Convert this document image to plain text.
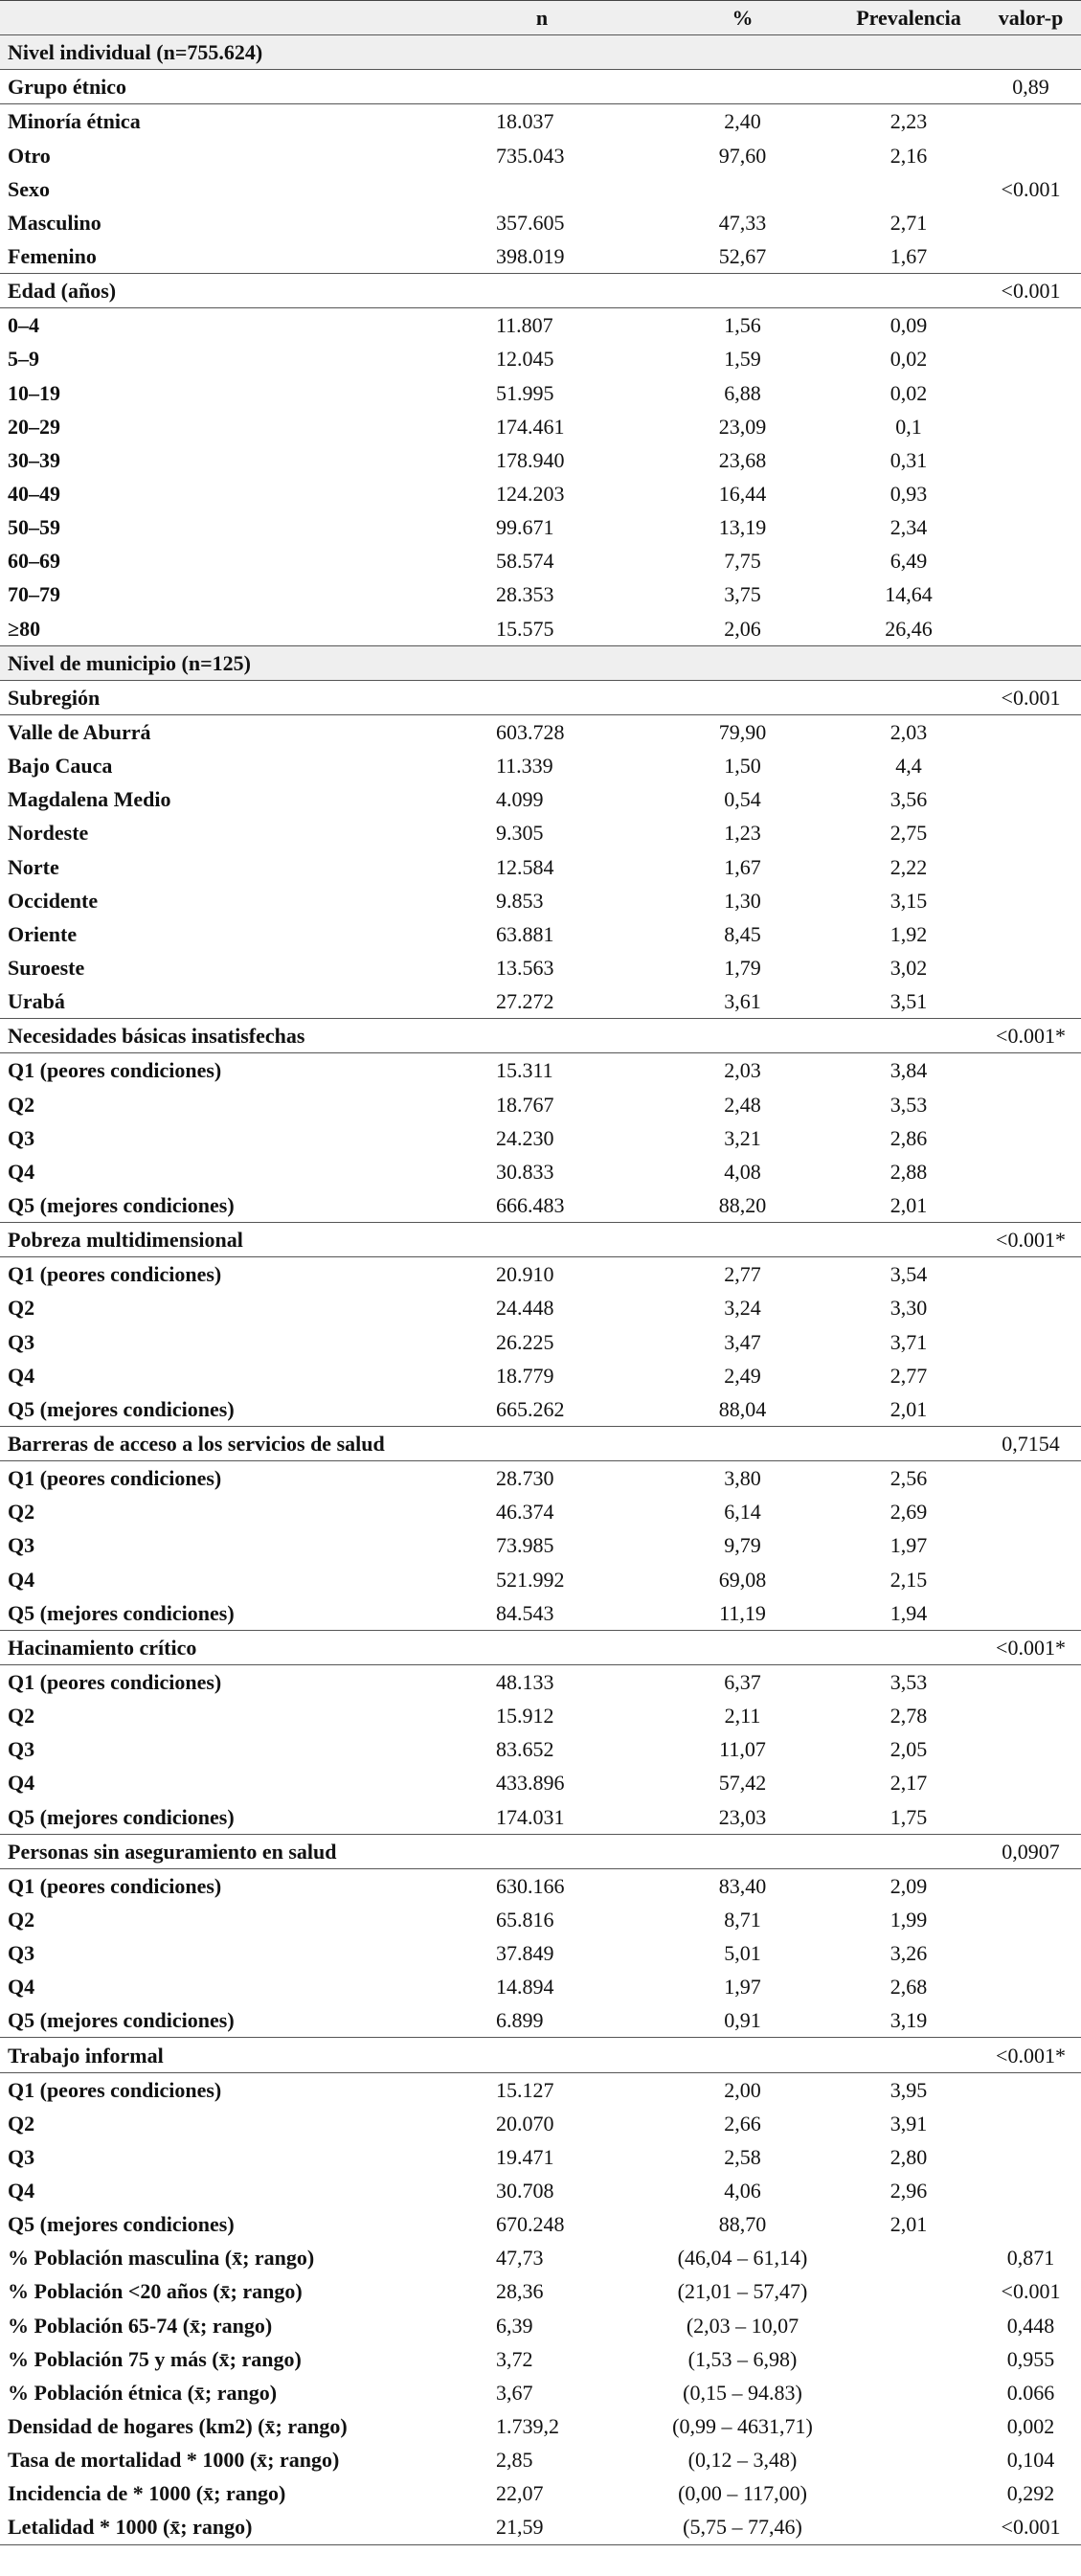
	n	%	Prevalencia	valor-p
Nivel individual (n=755.624)				
Grupo étnico				0,89
Minoría étnica	18.037	2,40	2,23	
Otro	735.043	97,60	2,16	
Sexo				<0.001
Masculino	357.605	47,33	2,71	
Femenino	398.019	52,67	1,67	
Edad (años)				<0.001
0–4	11.807	1,56	0,09	
5–9	12.045	1,59	0,02	
10–19	51.995	6,88	0,02	
20–29	174.461	23,09	0,1	
30–39	178.940	23,68	0,31	
40–49	124.203	16,44	0,93	
50–59	99.671	13,19	2,34	
60–69	58.574	7,75	6,49	
70–79	28.353	3,75	14,64	
≥80	15.575	2,06	26,46	
Nivel de municipio (n=125)				
Subregión				<0.001
Valle de Aburrá	603.728	79,90	2,03	
Bajo Cauca	11.339	1,50	4,4	
Magdalena Medio	4.099	0,54	3,56	
Nordeste	9.305	1,23	2,75	
Norte	12.584	1,67	2,22	
Occidente	9.853	1,30	3,15	
Oriente	63.881	8,45	1,92	
Suroeste	13.563	1,79	3,02	
Urabá	27.272	3,61	3,51	
Necesidades básicas insatisfechas				<0.001*
Q1 (peores condiciones)	15.311	2,03	3,84	
Q2	18.767	2,48	3,53	
Q3	24.230	3,21	2,86	
Q4	30.833	4,08	2,88	
Q5 (mejores condiciones)	666.483	88,20	2,01	
Pobreza multidimensional				<0.001*
Q1 (peores condiciones)	20.910	2,77	3,54	
Q2	24.448	3,24	3,30	
Q3	26.225	3,47	3,71	
Q4	18.779	2,49	2,77	
Q5 (mejores condiciones)	665.262	88,04	2,01	
Barreras de acceso a los servicios de salud				0,7154
Q1 (peores condiciones)	28.730	3,80	2,56	
Q2	46.374	6,14	2,69	
Q3	73.985	9,79	1,97	
Q4	521.992	69,08	2,15	
Q5 (mejores condiciones)	84.543	11,19	1,94	
Hacinamiento crítico				<0.001*
Q1 (peores condiciones)	48.133	6,37	3,53	
Q2	15.912	2,11	2,78	
Q3	83.652	11,07	2,05	
Q4	433.896	57,42	2,17	
Q5 (mejores condiciones)	174.031	23,03	1,75	
Personas sin aseguramiento en salud				0,0907
Q1 (peores condiciones)	630.166	83,40	2,09	
Q2	65.816	8,71	1,99	
Q3	37.849	5,01	3,26	
Q4	14.894	1,97	2,68	
Q5 (mejores condiciones)	6.899	0,91	3,19	
Trabajo informal				<0.001*
Q1 (peores condiciones)	15.127	2,00	3,95	
Q2	20.070	2,66	3,91	
Q3	19.471	2,58	2,80	
Q4	30.708	4,06	2,96	
Q5 (mejores condiciones)	670.248	88,70	2,01	
% Población masculina (x̄; rango)	47,73	(46,04 – 61,14)		0,871
% Población <20 años (x̄; rango)	28,36	(21,01 – 57,47)		<0.001
% Población 65-74 (x̄; rango)	6,39	(2,03 – 10,07		0,448
% Población 75 y más (x̄; rango)	3,72	(1,53 – 6,98)		0,955
% Población étnica (x̄; rango)	3,67	(0,15 – 94.83)		0.066
Densidad de hogares (km2) (x̄; rango)	1.739,2	(0,99 – 4631,71)		0,002
Tasa de mortalidad * 1000 (x̄; rango)	2,85	(0,12 – 3,48)		0,104
Incidencia de * 1000 (x̄; rango)	22,07	(0,00 – 117,00)		0,292
Letalidad * 1000 (x̄; rango)	21,59	(5,75 – 77,46)		<0.001
